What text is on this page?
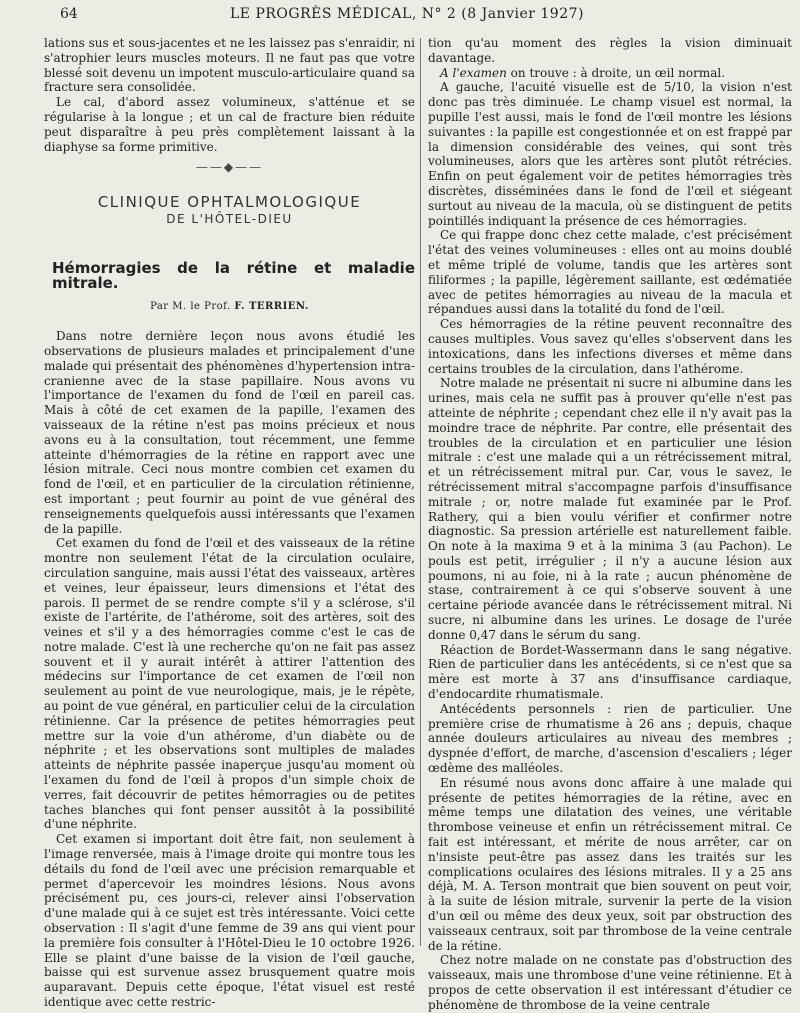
64	LE PROGRÈS MÉDICAL, N° 2 (8 Janvier 1927)

lations sus et sous-jacentes et ne les laissez pas s'enraidir, ni s'atrophier leurs muscles moteurs. Il ne faut pas que votre blessé soit devenu un impotent musculo-articulaire quand sa fracture sera consolidée.

Le cal, d'abord assez volumineux, s'atténue et se régularise à la longue ; et un cal de fracture bien réduite peut disparaître à peu près complètement laissant à la diaphyse sa forme primitive.

——◆——
CLINIQUE OPHTALMOLOGIQUE
DE L'HÔTEL-DIEU
Hémorragies de la rétine et maladie mitrale.
Par M. le Prof. F. TERRIEN.

Dans notre dernière leçon nous avons étudié les observations de plusieurs malades et principalement d'une malade qui présentait des phénomènes d'hypertension intra-cranienne avec de la stase papillaire. Nous avons vu l'importance de l'examen du fond de l'œil en pareil cas. Mais à côté de cet examen de la papille, l'examen des vaisseaux de la rétine n'est pas moins précieux et nous avons eu à la consultation, tout récemment, une femme atteinte d'hémorragies de la rétine en rapport avec une lésion mitrale. Ceci nous montre combien cet examen du fond de l'œil, et en particulier de la circulation rétinienne, est important ; peut fournir au point de vue général des renseignements quelquefois aussi intéressants que l'examen de la papille.

Cet examen du fond de l'œil et des vaisseaux de la rétine montre non seulement l'état de la circulation oculaire, circulation sanguine, mais aussi l'état des vaisseaux, artères et veines, leur épaisseur, leurs dimensions et l'état des parois. Il permet de se rendre compte s'il y a sclérose, s'il existe de l'artérite, de l'athérome, soit des artères, soit des veines et s'il y a des hémorragies comme c'est le cas de notre malade. C'est là une recherche qu'on ne fait pas assez souvent et il y aurait intérêt à attirer l'attention des médecins sur l'importance de cet examen de l'œil non seulement au point de vue neurologique, mais, je le répète, au point de vue général, en particulier celui de la circulation rétinienne. Car la présence de petites hémorragies peut mettre sur la voie d'un athérome, d'un diabète ou de néphrite ; et les observations sont multiples de malades atteints de néphrite passée inaperçue jusqu'au moment où l'examen du fond de l'œil à propos d'un simple choix de verres, fait découvrir de petites hémorragies ou de petites taches blanches qui font penser aussitôt à la possibilité d'une néphrite.

Cet examen si important doit être fait, non seulement à l'image renversée, mais à l'image droite qui montre tous les détails du fond de l'œil avec une précision remarquable et permet d'apercevoir les moindres lésions. Nous avons précisément pu, ces jours-ci, relever ainsi l'observation d'une malade qui à ce sujet est très intéressante. Voici cette observation : Il s'agit d'une femme de 39 ans qui vient pour la première fois consulter à l'Hôtel-Dieu le 10 octobre 1926. Elle se plaint d'une baisse de la vision de l'œil gauche, baisse qui est survenue assez brusquement quatre mois auparavant. Depuis cette époque, l'état visuel est resté identique avec cette restric-

tion qu'au moment des règles la vision diminuait davantage.

A l'examen on trouve : à droite, un œil normal.

A gauche, l'acuité visuelle est de 5/10, la vision n'est donc pas très diminuée. Le champ visuel est normal, la pupille l'est aussi, mais le fond de l'œil montre les lésions suivantes : la papille est congestionnée et on est frappé par la dimension considérable des veines, qui sont très volumineuses, alors que les artères sont plutôt rétrécies. Enfin on peut également voir de petites hémorragies très discrètes, disséminées dans le fond de l'œil et siégeant surtout au niveau de la macula, où se distinguent de petits pointillés indiquant la présence de ces hémorragies.

Ce qui frappe donc chez cette malade, c'est précisément l'état des veines volumineuses : elles ont au moins doublé et même triplé de volume, tandis que les artères sont filiformes ; la papille, légèrement saillante, est œdématiée avec de petites hémorragies au niveau de la macula et répandues aussi dans la totalité du fond de l'œil.

Ces hémorragies de la rétine peuvent reconnaître des causes multiples. Vous savez qu'elles s'observent dans les intoxications, dans les infections diverses et même dans certains troubles de la circulation, dans l'athérome.

Notre malade ne présentait ni sucre ni albumine dans les urines, mais cela ne suffit pas à prouver qu'elle n'est pas atteinte de néphrite ; cependant chez elle il n'y avait pas la moindre trace de néphrite. Par contre, elle présentait des troubles de la circulation et en particulier une lésion mitrale : c'est une malade qui a un rétrécissement mitral, et un rétrécissement mitral pur. Car, vous le savez, le rétrécissement mitral s'accompagne parfois d'insuffisance mitrale ; or, notre malade fut examinée par le Prof. Rathery, qui a bien voulu vérifier et confirmer notre diagnostic. Sa pression artérielle est naturellement faible. On note à la maxima 9 et à la minima 3 (au Pachon). Le pouls est petit, irrégulier ; il n'y a aucune lésion aux poumons, ni au foie, ni à la rate ; aucun phénomène de stase, contrairement à ce qui s'observe souvent à une certaine période avancée dans le rétrécissement mitral. Ni sucre, ni albumine dans les urines. Le dosage de l'urée donne 0,47 dans le sérum du sang.

Réaction de Bordet-Wassermann dans le sang négative. Rien de particulier dans les antécédents, si ce n'est que sa mère est morte à 37 ans d'insuffisance cardiaque, d'endocardite rhumatismale.

Antécédents personnels : rien de particulier. Une première crise de rhumatisme à 26 ans ; depuis, chaque année douleurs articulaires au niveau des membres ; dyspnée d'effort, de marche, d'ascension d'escaliers ; léger œdème des malléoles.

En résumé nous avons donc affaire à une malade qui présente de petites hémorragies de la rétine, avec en même temps une dilatation des veines, une véritable thrombose veineuse et enfin un rétrécissement mitral. Ce fait est intéressant, et mérite de nous arrêter, car on n'insiste peut-être pas assez dans les traités sur les complications oculaires des lésions mitrales. Il y a 25 ans déjà, M. A. Terson montrait que bien souvent on peut voir, à la suite de lésion mitrale, survenir la perte de la vision d'un œil ou même des deux yeux, soit par obstruction des vaisseaux centraux, soit par thrombose de la veine centrale de la rétine.

Chez notre malade on ne constate pas d'obstruction des vaisseaux, mais une thrombose d'une veine rétinienne. Et à propos de cette observation il est intéressant d'étudier ce phénomène de thrombose de la veine centrale
